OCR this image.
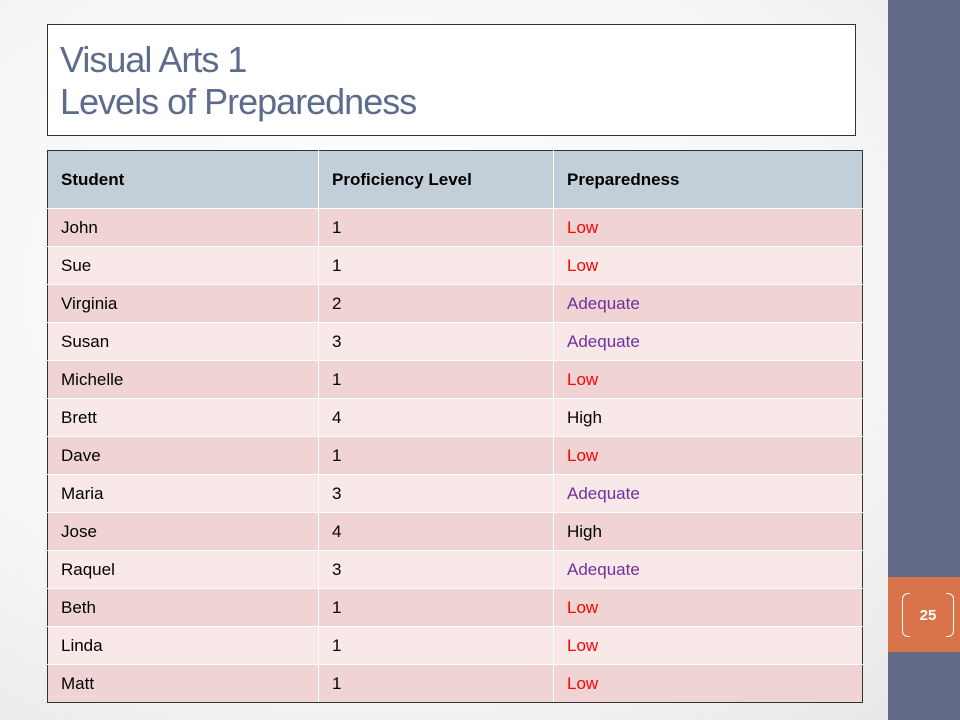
25
Visual Arts 1
Levels of Preparedness
Student	Proficiency Level	Preparedness
John	1	Low
Sue	1	Low
Virginia	2	Adequate
Susan	3	Adequate
Michelle	1	Low
Brett	4	High
Dave	1	Low
Maria	3	Adequate
Jose	4	High
Raquel	3	Adequate
Beth	1	Low
Linda	1	Low
Matt	1	Low
